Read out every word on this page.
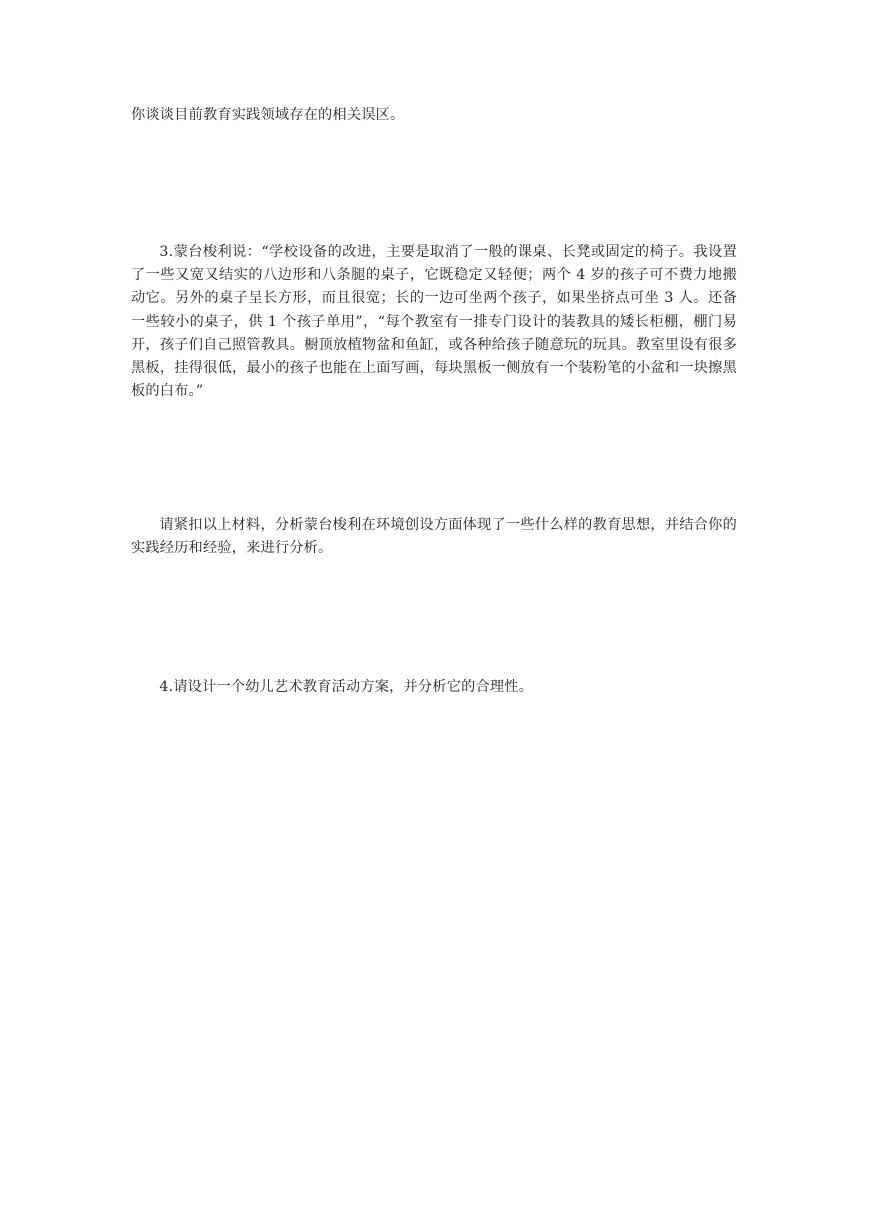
你谈谈目前教育实践领域存在的相关误区。

3.蒙台梭利说：“学校设备的改进，主要是取消了一般的课桌、长凳或固定的椅子。我设置了一些又宽又结实的八边形和八条腿的桌子，它既稳定又轻便；两个 4 岁的孩子可不费力地搬动它。另外的桌子呈长方形，而且很宽；长的一边可坐两个孩子，如果坐挤点可坐 3 人。还备一些较小的桌子，供 1 个孩子单用”，“每个教室有一排专门设计的装教具的矮长柜棚，棚门易开，孩子们自己照管教具。橱顶放植物盆和鱼缸，或各种给孩子随意玩的玩具。教室里设有很多黑板，挂得很低，最小的孩子也能在上面写画，每块黑板一侧放有一个装粉笔的小盆和一块擦黑板的白布。”

请紧扣以上材料，分析蒙台梭利在环境创设方面体现了一些什么样的教育思想，并结合你的实践经历和经验，来进行分析。

4.请设计一个幼儿艺术教育活动方案，并分析它的合理性。
